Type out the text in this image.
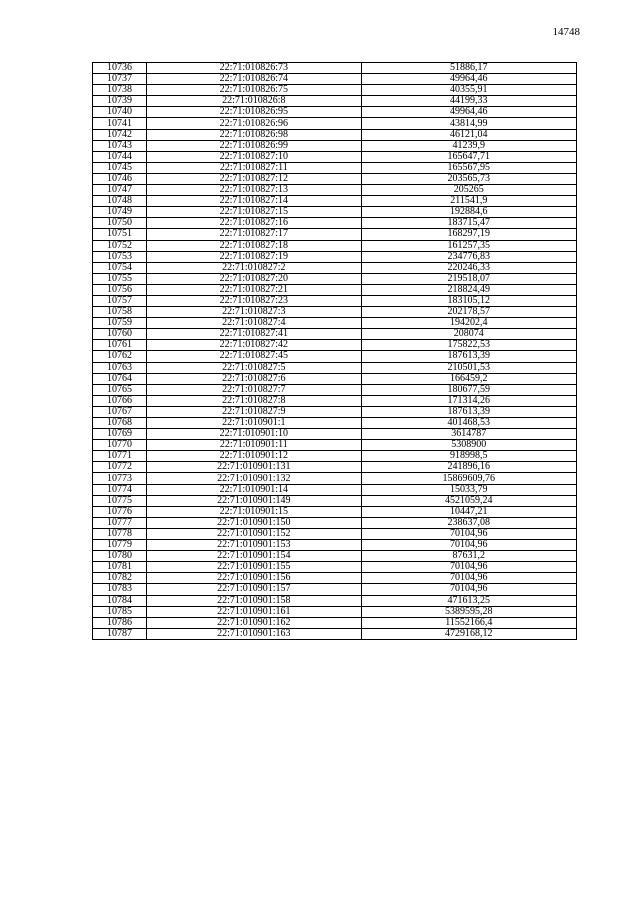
14748
10736	22:71:010826:73	51886,17
10737	22:71:010826:74	49964,46
10738	22:71:010826:75	40355,91
10739	22:71:010826:8	44199,33
10740	22:71:010826:95	49964,46
10741	22:71:010826:96	43814,99
10742	22:71:010826:98	46121,04
10743	22:71:010826:99	41239,9
10744	22:71:010827:10	165647,71
10745	22:71:010827:11	165567,95
10746	22:71:010827:12	203565,73
10747	22:71:010827:13	205265
10748	22:71:010827:14	211541,9
10749	22:71:010827:15	192884,6
10750	22:71:010827:16	183715,47
10751	22:71:010827:17	168297,19
10752	22:71:010827:18	161257,35
10753	22:71:010827:19	234776,83
10754	22:71:010827:2	220246,33
10755	22:71:010827:20	219518,07
10756	22:71:010827:21	218824,49
10757	22:71:010827:23	183105,12
10758	22:71:010827:3	202178,57
10759	22:71:010827:4	194202,4
10760	22:71:010827:41	208074
10761	22:71:010827:42	175822,53
10762	22:71:010827:45	187613,39
10763	22:71:010827:5	210501,53
10764	22:71:010827:6	166459,2
10765	22:71:010827:7	180677,59
10766	22:71:010827:8	171314,26
10767	22:71:010827:9	187613,39
10768	22:71:010901:1	401468,53
10769	22:71:010901:10	3614787
10770	22:71:010901:11	5308900
10771	22:71:010901:12	918998,5
10772	22:71:010901:131	241896,16
10773	22:71:010901:132	15869609,76
10774	22:71:010901:14	15033,79
10775	22:71:010901:149	4521059,24
10776	22:71:010901:15	10447,21
10777	22:71:010901:150	238637,08
10778	22:71:010901:152	70104,96
10779	22:71:010901:153	70104,96
10780	22:71:010901:154	87631,2
10781	22:71:010901:155	70104,96
10782	22:71:010901:156	70104,96
10783	22:71:010901:157	70104,96
10784	22:71:010901:158	471613,25
10785	22:71:010901:161	5389595,28
10786	22:71:010901:162	11552166,4
10787	22:71:010901:163	4729168,12
